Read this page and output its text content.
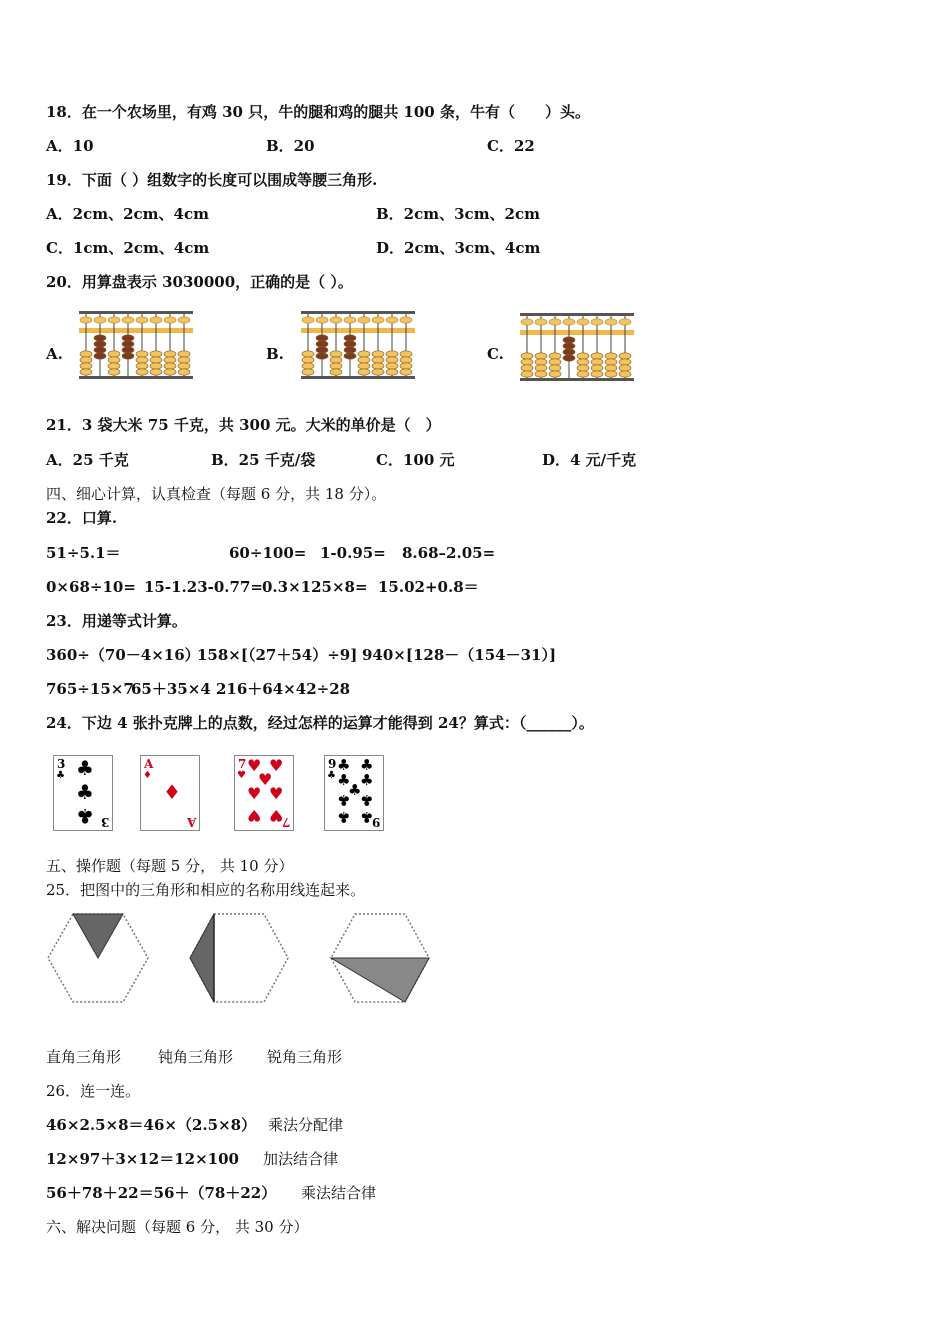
18．在一个农场里，有鸡 30 只，牛的腿和鸡的腿共 100 条，牛有（　　）头。
A．10	B．20	C．22
19．下面（ ）组数字的长度可以围成等腰三角形.
A．2cm、2cm、4cm	B．2cm、3cm、2cm
C．1cm、2cm、4cm	D．2cm、3cm、4cm
20．用算盘表示 3030000，正确的是（ ）。
A.	B.	C.
21．3 袋大米 75 千克，共 300 元。大米的单价是（　）
A．25 千克	B．25 千克/袋	C．100 元	D．4 元/千克
四、细心计算，认真检查（每题 6 分，共 18 分）。
22．口算.
51÷5.1＝	60÷100= 1-0.95= 8.68–2.05=
0×68÷10= 15-1.23-0.77= 0.3×125×8= 15.02+0.8＝
23．用递等式计算。
360÷（70－4×16）
158×[（27＋54）÷9] 940×[128－（154－31）]
765÷15×7
65＋35×4 216＋64×42÷28
24．下边 4 张扑克牌上的点数，经过怎样的运算才能得到 24？算式：（______）。
3
♣ ♣
♣
♣ 3
A
♦
♦
A
7
♥
♥ ♥
♥
♥ ♥
♥ ♥
7
9
♣
♣ ♣
♣ ♣
♣
♣ ♣
♣ ♣
9
五、操作题（每题 5 分， 共 10 分）
25．把图中的三角形和相应的名称用线连起来。
直角三角形 钝角三角形 锐角三角形
26．连一连。
46×2.5×8＝46×（2.5×8） 乘法分配律
12×97＋3×12＝12×100 加法结合律
56＋78＋22＝56＋（78＋22） 乘法结合律
六、解决问题（每题 6 分， 共 30 分）
